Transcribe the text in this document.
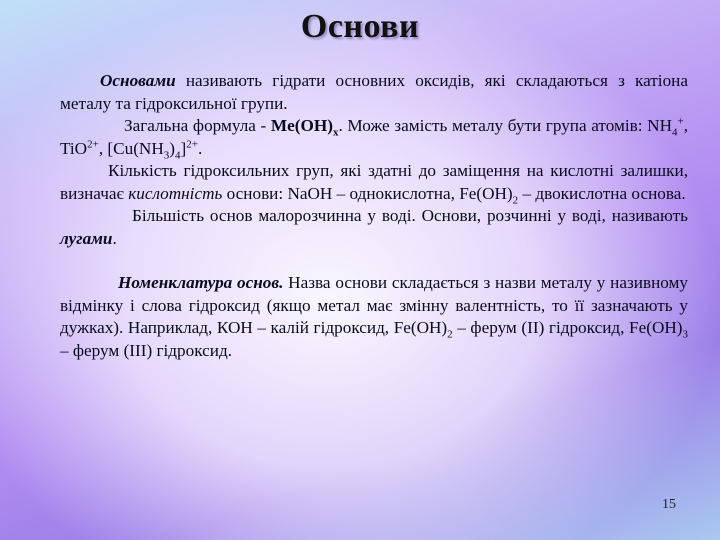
Основи

Основами називають гідрати основних оксидів, які складаються з катіона металу та гідроксильної групи.

Загальна формула - $Me(OH)_x$. Може замість металу бути група атомів: $NH_4^+$, TiO$^{2+}$, $[Cu(NH_3)_4]^{2+}$.

Кількість гідроксильних груп, які здатні до заміщення на кислотні залишки, визначає кислотність основи: NaOH – однокислотна, $Fe(OH)_2$ – двокислотна основа.

Більшість основ малорозчинна у воді. Основи, розчинні у воді, називають лугами.

Номенклатура основ. Назва основи складається з назви металу у називному відмінку і слова гідроксид (якщо метал має змінну валентність, то її зазначають у дужках). Наприклад, КОН – калій гідроксид, $Fe(OH)_2$ – ферум (II) гідроксид, $Fe(OH)_3$ – ферум (III) гідроксид.

15
